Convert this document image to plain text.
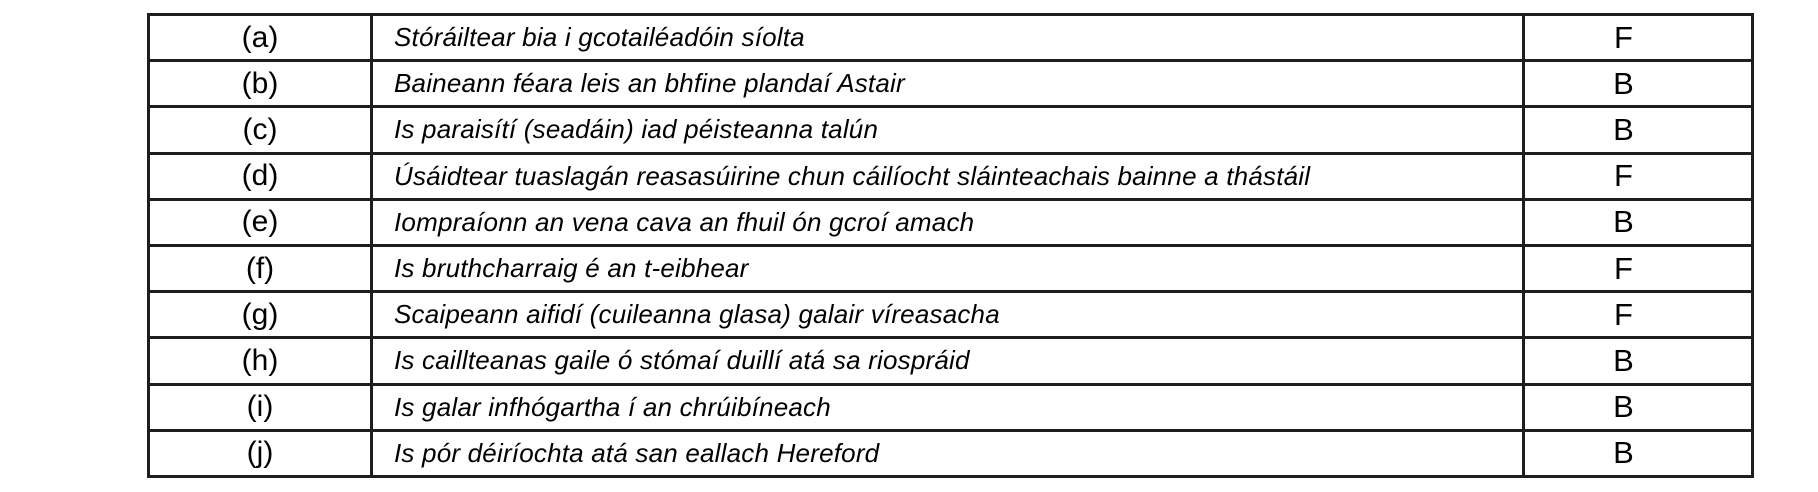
(a)	Stóráiltear bia i gcotailéadóin síolta	F
(b)	Baineann féara leis an bhfine plandaí Astair	B
(c)	Is paraisítí (seadáin) iad péisteanna talún	B
(d)	Úsáidtear tuaslagán reasasúirine chun cáilíocht sláinteachais bainne a thástáil	F
(e)	Iompraíonn an vena cava an fhuil ón gcroí amach	B
(f)	Is bruthcharraig é an t-eibhear	F
(g)	Scaipeann aifidí (cuileanna glasa) galair víreasacha	F
(h)	Is caillteanas gaile ó stómaí duillí atá sa riospráid	B
(i)	Is galar infhógartha í an chrúibíneach	B
(j)	Is pór déiríochta atá san eallach Hereford	B
